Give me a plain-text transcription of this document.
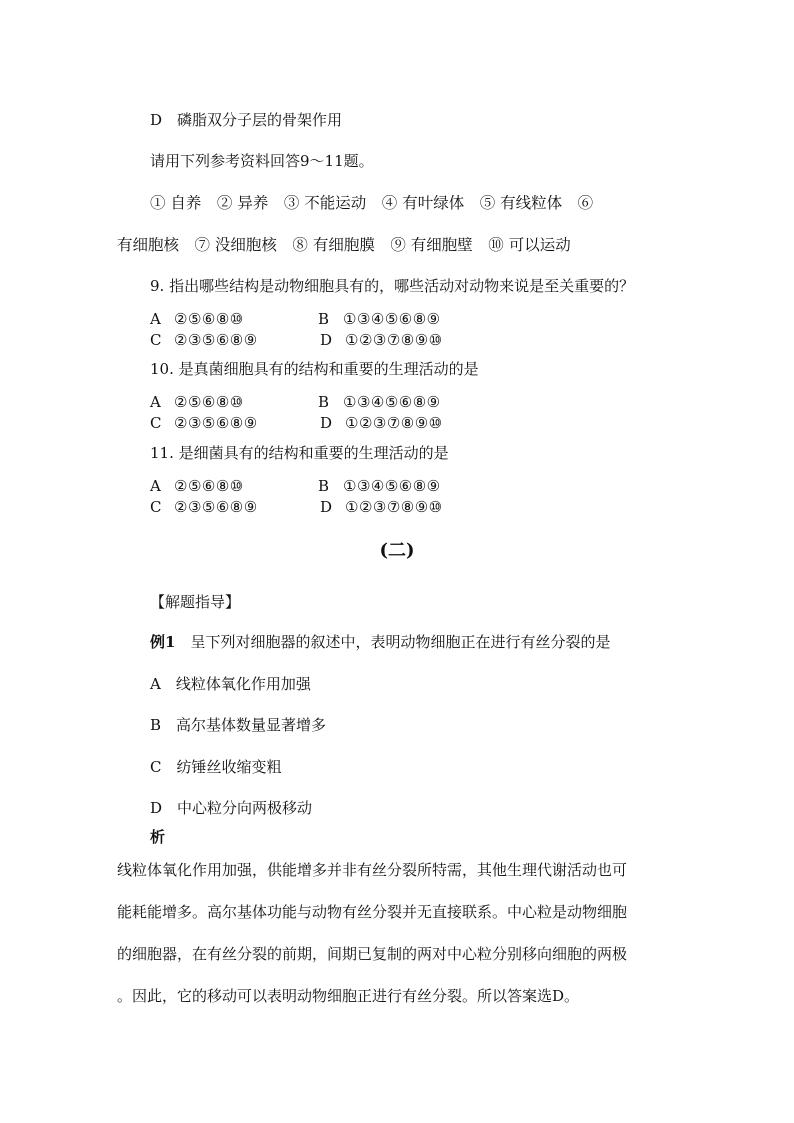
D　磷脂双分子层的骨架作用
请用下列参考资料回答9～11题。
① 自养　② 异养　③ 不能运动　④ 有叶绿体　⑤ 有线粒体　⑥
有细胞核　⑦ 没细胞核　⑧ 有细胞膜　⑨ 有细胞壁　⑩ 可以运动
9. 指出哪些结构是动物细胞具有的，哪些活动对动物来说是至关重要的？
A ②⑤⑥⑧⑩	B ①③④⑤⑥⑧⑨
C ②③⑤⑥⑧⑨	D ①②③⑦⑧⑨⑩
10. 是真菌细胞具有的结构和重要的生理活动的是
A ②⑤⑥⑧⑩	B ①③④⑤⑥⑧⑨
C ②③⑤⑥⑧⑨	D ①②③⑦⑧⑨⑩
11. 是细菌具有的结构和重要的生理活动的是
A ②⑤⑥⑧⑩	B ①③④⑤⑥⑧⑨
C ②③⑤⑥⑧⑨	D ①②③⑦⑧⑨⑩
(二)
【解题指导】
例1　呈下列对细胞器的叙述中，表明动物细胞正在进行有丝分裂的是
A　线粒体氧化作用加强
B　高尔基体数量显著增多
C　纺锤丝收缩变粗
D　中心粒分向两极移动
析
线粒体氧化作用加强，供能增多并非有丝分裂所特需，其他生理代谢活动也可
能耗能增多。高尔基体功能与动物有丝分裂并无直接联系。中心粒是动物细胞
的细胞器，在有丝分裂的前期，间期已复制的两对中心粒分别移向细胞的两极
。因此，它的移动可以表明动物细胞正进行有丝分裂。所以答案选D。
